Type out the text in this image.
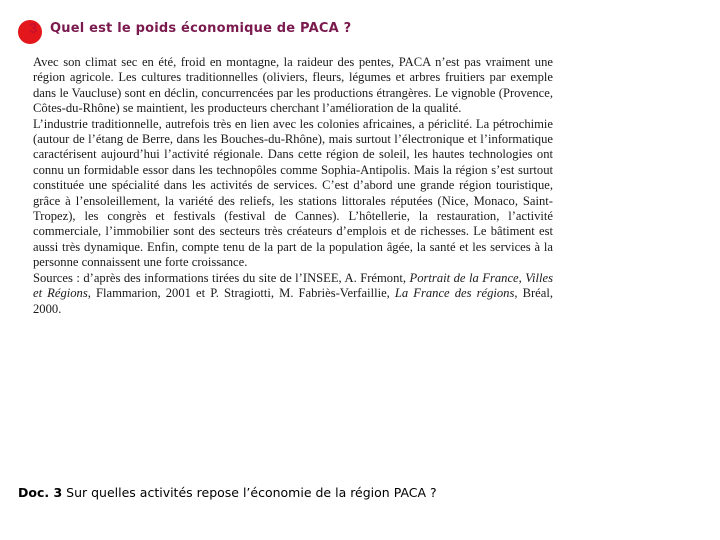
3 Quel est le poids économique de PACA ?

Avec son climat sec en été, froid en montagne, la raideur des pentes, PACA n’est pas vraiment une région agricole. Les cultures traditionnelles (oliviers, fleurs, légumes et arbres fruitiers par exemple dans le Vaucluse) sont en déclin, concurrencées par les productions étrangères. Le vignoble (Provence, Côtes-du-Rhône) se maintient, les producteurs cherchant l’amélioration de la qualité.

L’industrie traditionnelle, autrefois très en lien avec les colonies africaines, a périclité. La pétrochimie (autour de l’étang de Berre, dans les Bouches-du-Rhône), mais surtout l’électronique et l’informatique caractérisent aujourd’hui l’activité régionale. Dans cette région de soleil, les hautes technologies ont connu un formidable essor dans les technopôles comme Sophia-Antipolis. Mais la région s’est surtout constituée une spécialité dans les activités de services. C’est d’abord une grande région touristique, grâce à l’ensoleillement, la variété des reliefs, les stations littorales réputées (Nice, Monaco, Saint-Tropez), les congrès et festivals (festival de Cannes). L’hôtellerie, la restauration, l’activité commerciale, l’immobilier sont des secteurs très créateurs d’emplois et de richesses. Le bâtiment est aussi très dynamique. Enfin, compte tenu de la part de la population âgée, la santé et les services à la personne connaissent une forte croissance.

Sources : d’après des informations tirées du site de l’INSEE, A. Frémont, Portrait de la France, Villes et Régions, Flammarion, 2001 et P. Stragiotti, M. Fabriès-Verfaillie, La France des régions, Bréal, 2000.

Doc. 3 Sur quelles activités repose l’économie de la région PACA ?
